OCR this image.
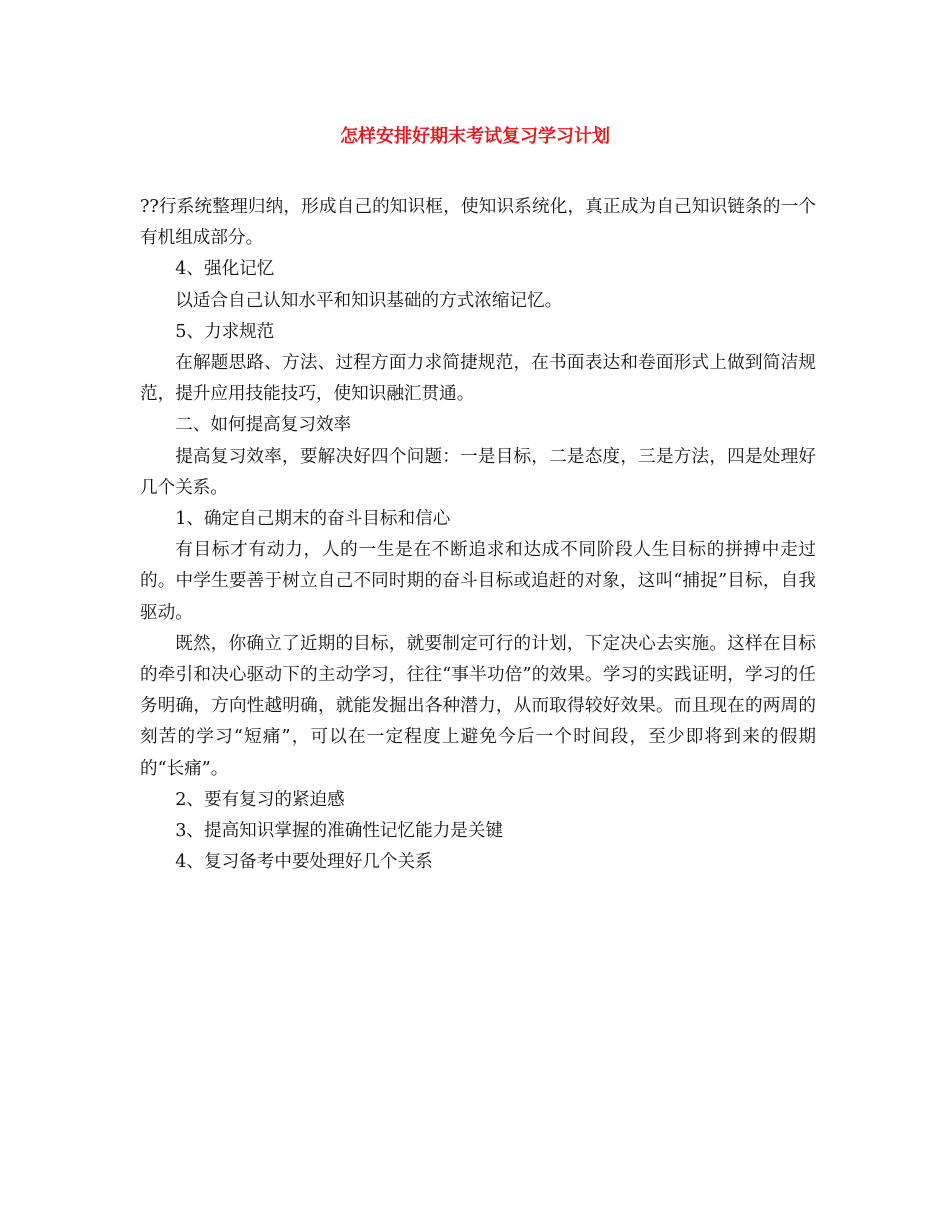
怎样安排好期末考试复习学习计划

??行系统整理归纳，形成自己的知识框，使知识系统化，真正成为自己知识链条的一个有机组成部分。

4、强化记忆

以适合自己认知水平和知识基础的方式浓缩记忆。

5、力求规范

在解题思路、方法、过程方面力求简捷规范，在书面表达和卷面形式上做到简洁规范，提升应用技能技巧，使知识融汇贯通。

二、如何提高复习效率

提高复习效率，要解决好四个问题：一是目标，二是态度，三是方法，四是处理好几个关系。

1、确定自己期末的奋斗目标和信心

有目标才有动力，人的一生是在不断追求和达成不同阶段人生目标的拼搏中走过的。中学生要善于树立自己不同时期的奋斗目标或追赶的对象，这叫“捕捉”目标，自我驱动。

既然，你确立了近期的目标，就要制定可行的计划，下定决心去实施。这样在目标的牵引和决心驱动下的主动学习，往往“事半功倍”的效果。学习的实践证明，学习的任务明确，方向性越明确，就能发掘出各种潜力，从而取得较好效果。而且现在的两周的刻苦的学习“短痛”，可以在一定程度上避免今后一个时间段，至少即将到来的假期的“长痛”。

2、要有复习的紧迫感

3、提高知识掌握的准确性记忆能力是关键

4、复习备考中要处理好几个关系
